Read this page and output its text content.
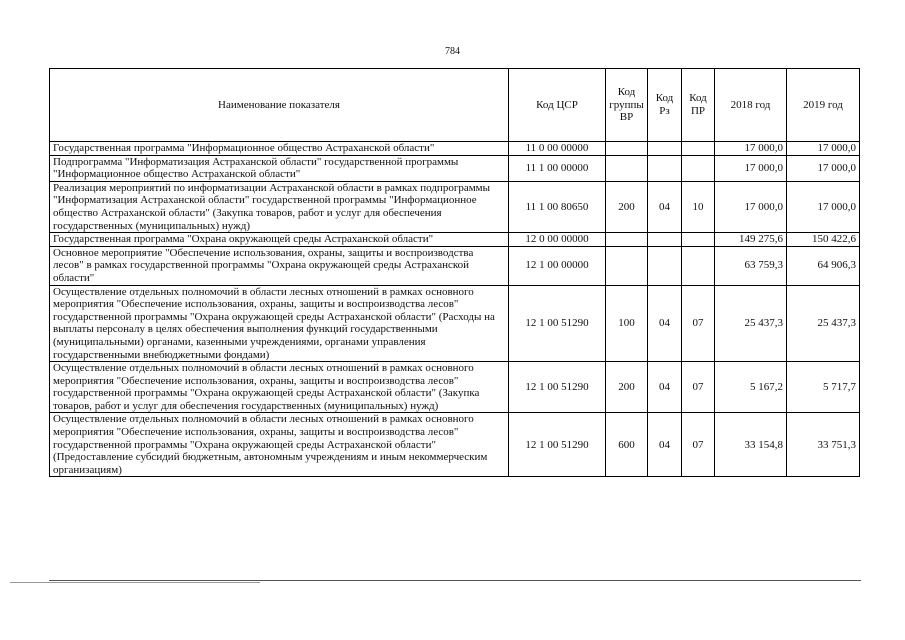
784
Наименование показателя	Код ЦСР	Код группы ВР	Код Рз	Код ПР	2018 год	2019 год
Государственная программа "Информационное общество Астраханской области"	11 0 00 00000				17 000,0	17 000,0
Подпрограмма "Информатизация Астраханской области" государственной программы "Информационное общество Астраханской области"	11 1 00 00000				17 000,0	17 000,0
Реализация мероприятий по информатизации Астраханской области в рамках подпрограммы "Информатизация Астраханской области" государственной программы "Информационное общество Астраханской области" (Закупка товаров, работ и услуг для обеспечения государственных (муниципальных) нужд)	11 1 00 80650	200	04	10	17 000,0	17 000,0
Государственная программа "Охрана окружающей среды Астраханской области"	12 0 00 00000				149 275,6	150 422,6
Основное мероприятие "Обеспечение использования, охраны, защиты и воспроизводства лесов" в рамках государственной программы "Охрана окружающей среды Астраханской области"	12 1 00 00000				63 759,3	64 906,3
Осуществление отдельных полномочий в области лесных отношений в рамках основного мероприятия "Обеспечение использования, охраны, защиты и воспроизводства лесов" государственной программы "Охрана окружающей среды Астраханской области" (Расходы на выплаты персоналу в целях обеспечения выполнения функций государственными (муниципальными) органами, казенными учреждениями, органами управления государственными внебюджетными фондами)	12 1 00 51290	100	04	07	25 437,3	25 437,3
Осуществление отдельных полномочий в области лесных отношений в рамках основного мероприятия "Обеспечение использования, охраны, защиты и воспроизводства лесов" государственной программы "Охрана окружающей среды Астраханской области" (Закупка товаров, работ и услуг для обеспечения государственных (муниципальных) нужд)	12 1 00 51290	200	04	07	5 167,2	5 717,7
Осуществление отдельных полномочий в области лесных отношений в рамках основного мероприятия "Обеспечение использования, охраны, защиты и воспроизводства лесов" государственной программы "Охрана окружающей среды Астраханской области" (Предоставление субсидий бюджетным, автономным учреждениям и иным некоммерческим организациям)	12 1 00 51290	600	04	07	33 154,8	33 751,3
